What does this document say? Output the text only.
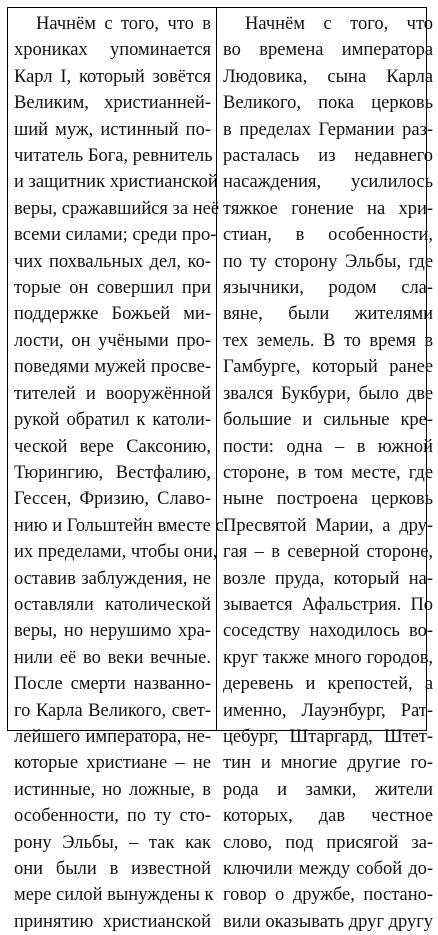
Начнём с того, что в
хрониках упоминается
Карл I, который зовётся
Великим, христианней-
ший муж, истинный по-
читатель Бога, ревнитель
и защитник христианской
веры, сражавшийся за неё
всеми силами; среди про-
чих похвальных дел, ко-
торые он совершил при
поддержке Божьей ми-
лости, он учёными про-
поведями мужей просве-
тителей и вооружённой
рукой обратил к католи-
ческой вере Саксонию,
Тюрингию, Вестфалию,
Гессен, Фризию, Славо-
нию и Гольштейн вместе с
их пределами, чтобы они,
оставив заблуждения, не
оставляли католической
веры, но нерушимо хра-
нили её во веки вечные.
После смерти названно-
го Карла Великого, свет-
лейшего императора, не-
которые христиане – не
истинные, но ложные, в
особенности, по ту сто-
рону Эльбы, – так как
они были в известной
мере силой вынуждены к
принятию христианской
Начнём с того, что
во времена императора
Людовика, сына Карла
Великого, пока церковь
в пределах Германии раз-
расталась из недавнего
насаждения, усилилось
тяжкое гонение на хри-
стиан, в особенности,
по ту сторону Эльбы, где
язычники, родом сла-
вяне, были жителями
тех земель. В то время в
Гамбурге, который ранее
звался Букбури, было две
большие и сильные кре-
пости: одна – в южной
стороне, в том месте, где
ныне построена церковь
Пресвятой Марии, а дру-
гая – в северной стороне,
возле пруда, который на-
зывается Афальстрия. По
соседству находилось во-
круг также много городов,
деревень и крепостей, а
именно, Лауэнбург, Рат-
цебург, Штаргард, Штет-
тин и многие другие го-
рода и замки, жители
которых, дав честное
слово, под присягой за-
ключили между собой до-
говор о дружбе, постано-
вили оказывать друг другу
